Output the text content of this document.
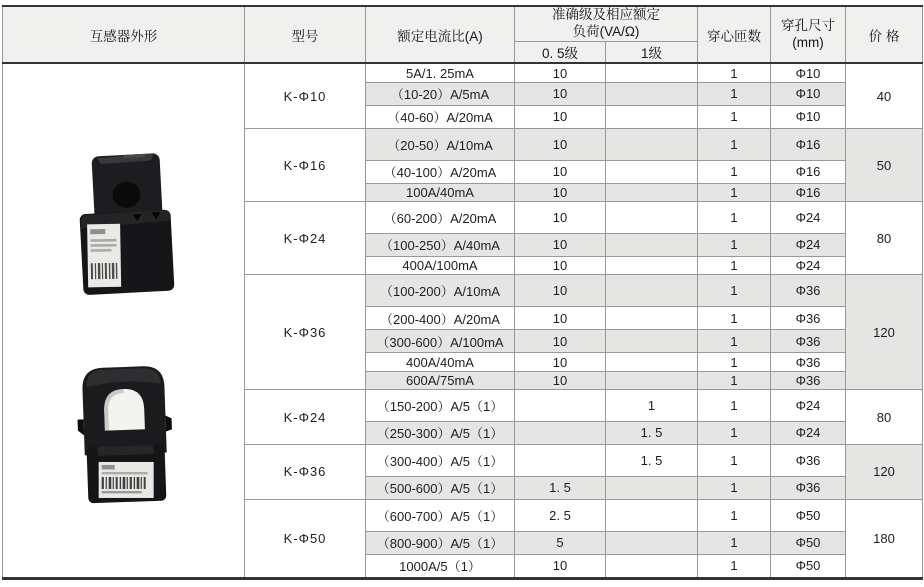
互感器外形	型号	额定电流比(A)	
准确级及相应额定
负荷(VA/Ω)	穿心匝数	
穿孔尺寸
(mm)	价 格
			0. 5级	1级			

	K-Φ10	5A/1. 25mA	10		1	Φ10	40
		（10-20）A/5mA	10		1	Φ10	
		（40-60）A/20mA	10		1	Φ10	
	K-Φ16	（20-50）A/10mA	10		1	Φ16	50
		（40-100）A/20mA	10		1	Φ16	
		100A/40mA	10		1	Φ16	
	K-Φ24	（60-200）A/20mA	10		1	Φ24	80
		（100-250）A/40mA	10		1	Φ24	
		400A/100mA	10		1	Φ24	
	K-Φ36	（100-200）A/10mA	10		1	Φ36	120
		（200-400）A/20mA	10		1	Φ36	
		（300-600）A/100mA	10		1	Φ36	
		400A/40mA	10		1	Φ36	
		600A/75mA	10		1	Φ36	
	K-Φ24	（150-200）A/5（1）		1	1	Φ24	80
		（250-300）A/5（1）		1. 5	1	Φ24	
	K-Φ36	（300-400）A/5（1）		1. 5	1	Φ36	120
		（500-600）A/5（1）	1. 5		1	Φ36	
	K-Φ50	（600-700）A/5（1）	2. 5		1	Φ50	180
		（800-900）A/5（1）	5		1	Φ50	
		1000A/5（1）	10		1	Φ50	
